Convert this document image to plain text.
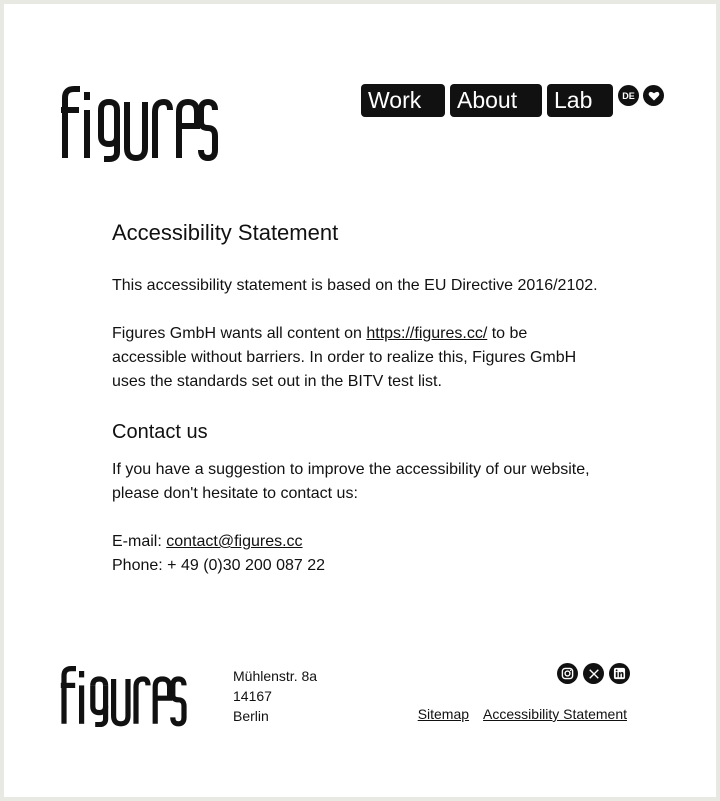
Work	About	Lab	DE
Accessibility Statement

This accessibility statement is based on the EU Directive 2016/2102.

Figures GmbH wants all content on https://figures.cc/ to be accessible without barriers. In order to realize this, Figures GmbH uses the standards set out in the BITV test list.

Contact us

If you have a suggestion to improve the accessibility of our website, please don't hesitate to contact us:

E-mail: contact@figures.cc
Phone: + 49 (0)30 200 087 22

Mühlenstr. 8a
14167
Berlin	Sitemap Accessibility Statement
